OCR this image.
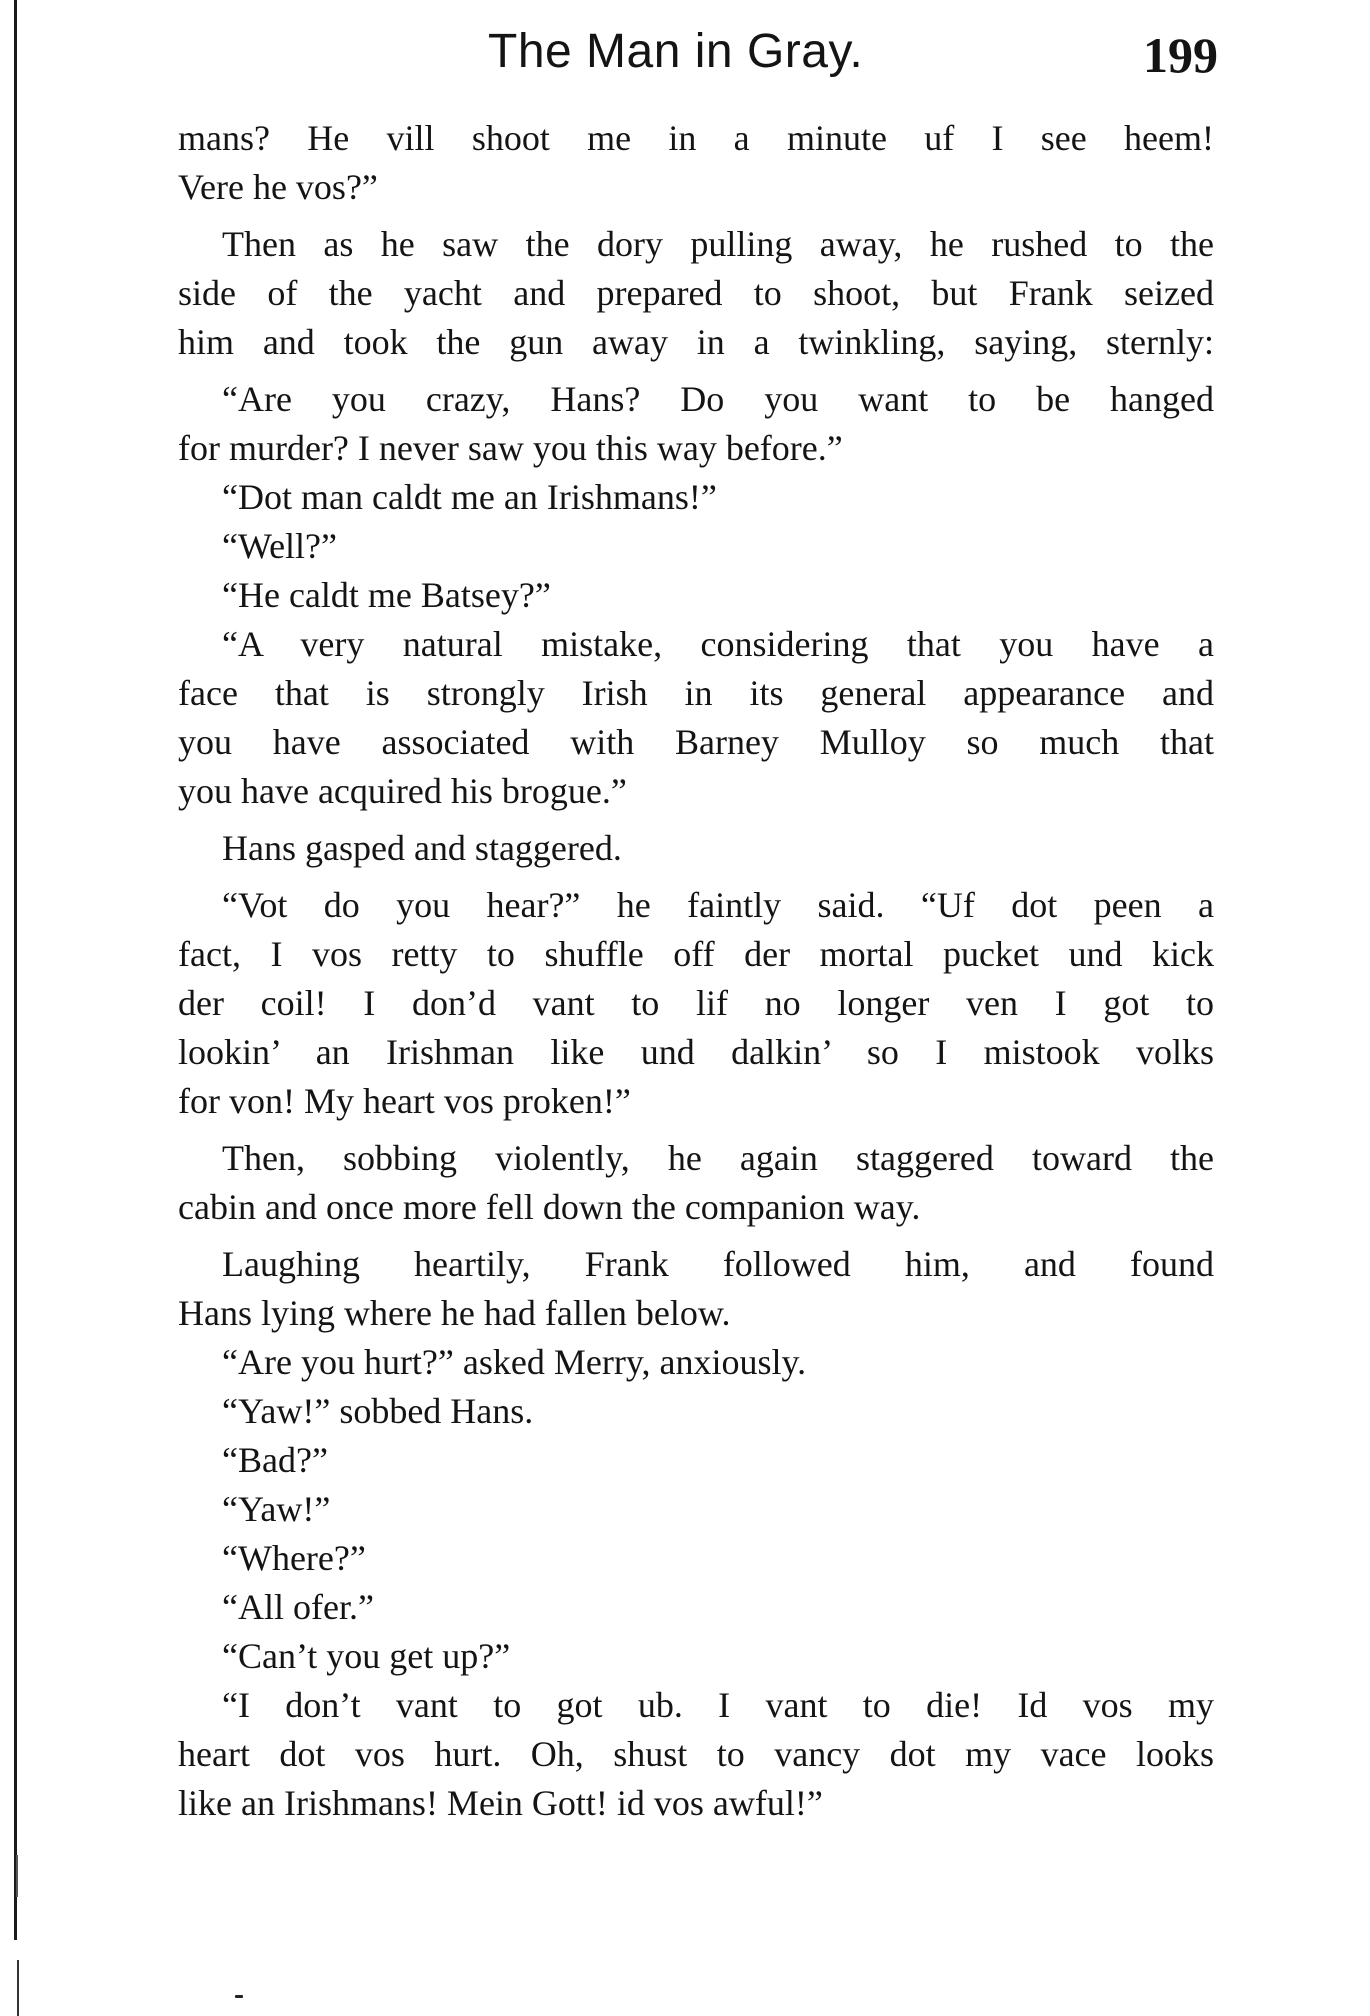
The Man in Gray.	199
mans? He vill shoot me in a minute uf I see heem!
Vere he vos?”
Then as he saw the dory pulling away, he rushed to the
side of the yacht and prepared to shoot, but Frank seized
him and took the gun away in a twinkling, saying, sternly:
“Are you crazy, Hans? Do you want to be hanged
for murder? I never saw you this way before.”
“Dot man caldt me an Irishmans!”
“Well?”
“He caldt me Batsey?”
“A very natural mistake, considering that you have a
face that is strongly Irish in its general appearance and
you have associated with Barney Mulloy so much that
you have acquired his brogue.”
Hans gasped and staggered.
“Vot do you hear?” he faintly said. “Uf dot peen a
fact, I vos retty to shuffle off der mortal pucket und kick
der coil! I don’d vant to lif no longer ven I got to
lookin’ an Irishman like und dalkin’ so I mistook volks
for von! My heart vos proken!”
Then, sobbing violently, he again staggered toward the
cabin and once more fell down the companion way.
Laughing heartily, Frank followed him, and found
Hans lying where he had fallen below.
“Are you hurt?” asked Merry, anxiously.
“Yaw!” sobbed Hans.
“Bad?”
“Yaw!”
“Where?”
“All ofer.”
“Can’t you get up?”
“I don’t vant to got ub. I vant to die! Id vos my
heart dot vos hurt. Oh, shust to vancy dot my vace looks
like an Irishmans! Mein Gott! id vos awful!”
